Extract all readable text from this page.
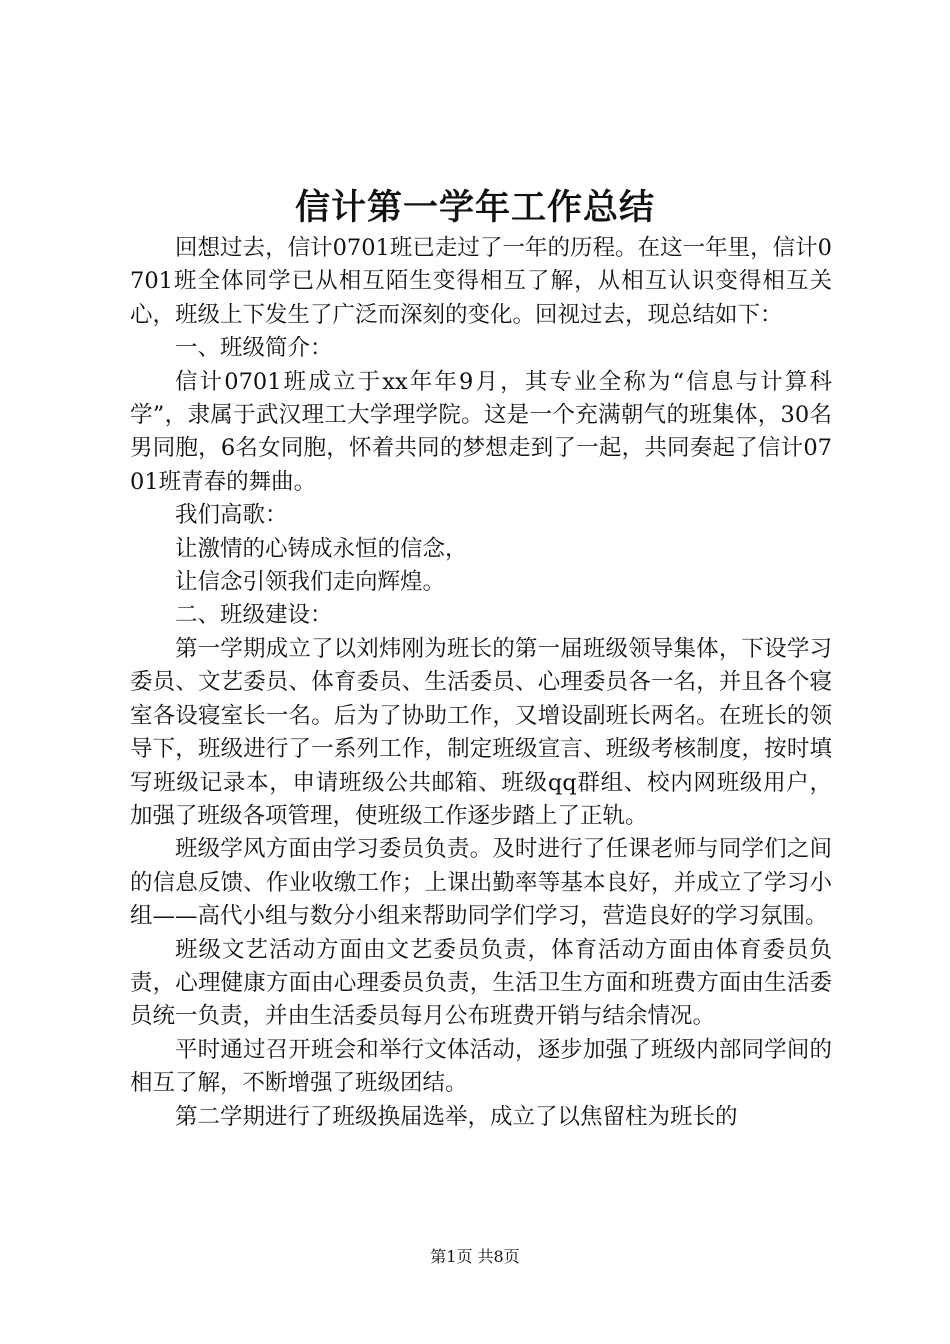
信计第一学年工作总结

回想过去，信计0701班已走过了一年的历程。在这一年里，信计0701班全体同学已从相互陌生变得相互了解，从相互认识变得相互关心，班级上下发生了广泛而深刻的变化。回视过去，现总结如下：

一、班级简介：

信计0701班成立于xx年年9月，其专业全称为“信息与计算科学”，隶属于武汉理工大学理学院。这是一个充满朝气的班集体，30名男同胞，6名女同胞，怀着共同的梦想走到了一起，共同奏起了信计0701班青春的舞曲。

我们高歌：

让激情的心铸成永恒的信念，

让信念引领我们走向辉煌。

二、班级建设：

第一学期成立了以刘炜刚为班长的第一届班级领导集体，下设学习委员、文艺委员、体育委员、生活委员、心理委员各一名，并且各个寝室各设寝室长一名。后为了协助工作，又增设副班长两名。在班长的领导下，班级进行了一系列工作，制定班级宣言、班级考核制度，按时填写班级记录本，申请班级公共邮箱、班级qq群组、校内网班级用户，加强了班级各项管理，使班级工作逐步踏上了正轨。

班级学风方面由学习委员负责。及时进行了任课老师与同学们之间的信息反馈、作业收缴工作；上课出勤率等基本良好，并成立了学习小组——高代小组与数分小组来帮助同学们学习，营造良好的学习氛围。

班级文艺活动方面由文艺委员负责，体育活动方面由体育委员负责，心理健康方面由心理委员负责，生活卫生方面和班费方面由生活委员统一负责，并由生活委员每月公布班费开销与结余情况。

平时通过召开班会和举行文体活动，逐步加强了班级内部同学间的相互了解，不断增强了班级团结。

第二学期进行了班级换届选举，成立了以焦留柱为班长的

第1页 共8页
